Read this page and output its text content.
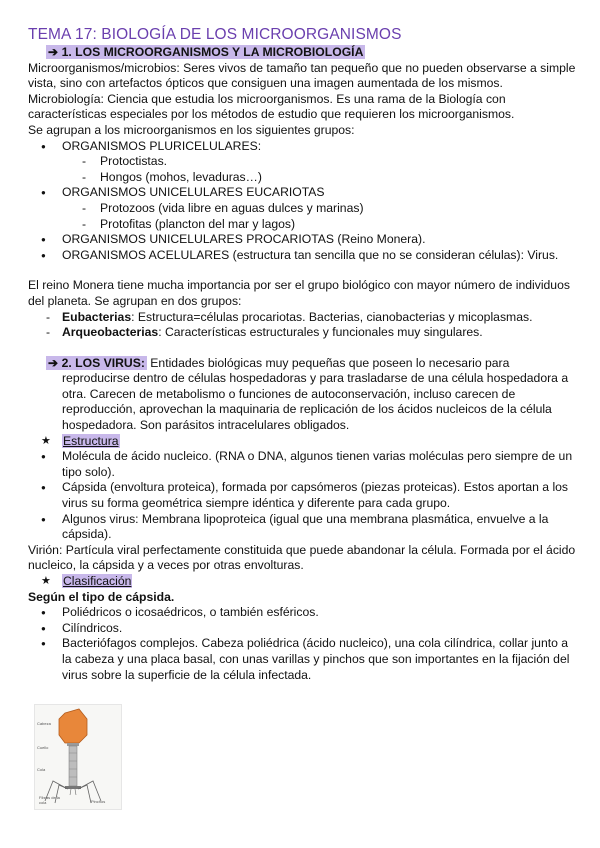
TEMA 17: BIOLOGÍA DE LOS MICROORGANISMOS
➔ 1. LOS MICROORGANISMOS Y LA MICROBIOLOGÍA

Microorganismos/microbios: Seres vivos de tamaño tan pequeño que no pueden observarse a simple vista, sino con artefactos ópticos que consiguen una imagen aumentada de los mismos.

Microbiología: Ciencia que estudia los microorganismos. Es una rama de la Biología con características especiales por los métodos de estudio que requieren los microorganismos.

Se agrupan a los microorganismos en los siguientes grupos:

● ORGANISMOS PLURICELULARES:
- Protoctistas.
- Hongos (mohos, levaduras…)
● ORGANISMOS UNICELULARES EUCARIOTAS
- Protozoos (vida libre en aguas dulces y marinas)
- Protofitas (plancton del mar y lagos)
● ORGANISMOS UNICELULARES PROCARIOTAS (Reino Monera).
● ORGANISMOS ACELULARES (estructura tan sencilla que no se consideran células): Virus.

El reino Monera tiene mucha importancia por ser el grupo biológico con mayor número de individuos del planeta. Se agrupan en dos grupos:

- Eubacterias: Estructura=células procariotas. Bacterias, cianobacterias y micoplasmas.
- Arqueobacterias: Características estructurales y funcionales muy singulares.

➔ 2. LOS VIRUS: Entidades biológicas muy pequeñas que poseen lo necesario para reproducirse dentro de células hospedadoras y para trasladarse de una célula hospedadora a otra. Carecen de metabolismo o funciones de autoconservación, incluso carecen de reproducción, aprovechan la maquinaria de replicación de los ácidos nucleicos de la célula hospedadora. Son parásitos intracelulares obligados.

★ Estructura
● Molécula de ácido nucleico. (RNA o DNA, algunos tienen varias moléculas pero siempre de un tipo solo).
● Cápsida (envoltura proteica), formada por capsómeros (piezas proteicas). Estos aportan a los virus su forma geométrica siempre idéntica y diferente para cada grupo.
● Algunos virus: Membrana lipoproteica (igual que una membrana plasmática, envuelve a la cápsida).

Virión: Partícula viral perfectamente constituida que puede abandonar la célula. Formada por el ácido nucleico, la cápsida y a veces por otras envolturas.

★ Clasificación

Según el tipo de cápsida.

● Poliédricos o icosaédricos, o también esféricos.
● Cilíndricos.
● Bacteriófagos complejos. Cabeza poliédrica (ácido nucleico), una cola cilíndrica, collar junto a la cabeza y una placa basal, con unas varillas y pinchos que son importantes en la fijación del virus sobre la superficie de la célula infectada.
Cabeza
Cuello
Cola
Fibras de la cola	Pinchos
